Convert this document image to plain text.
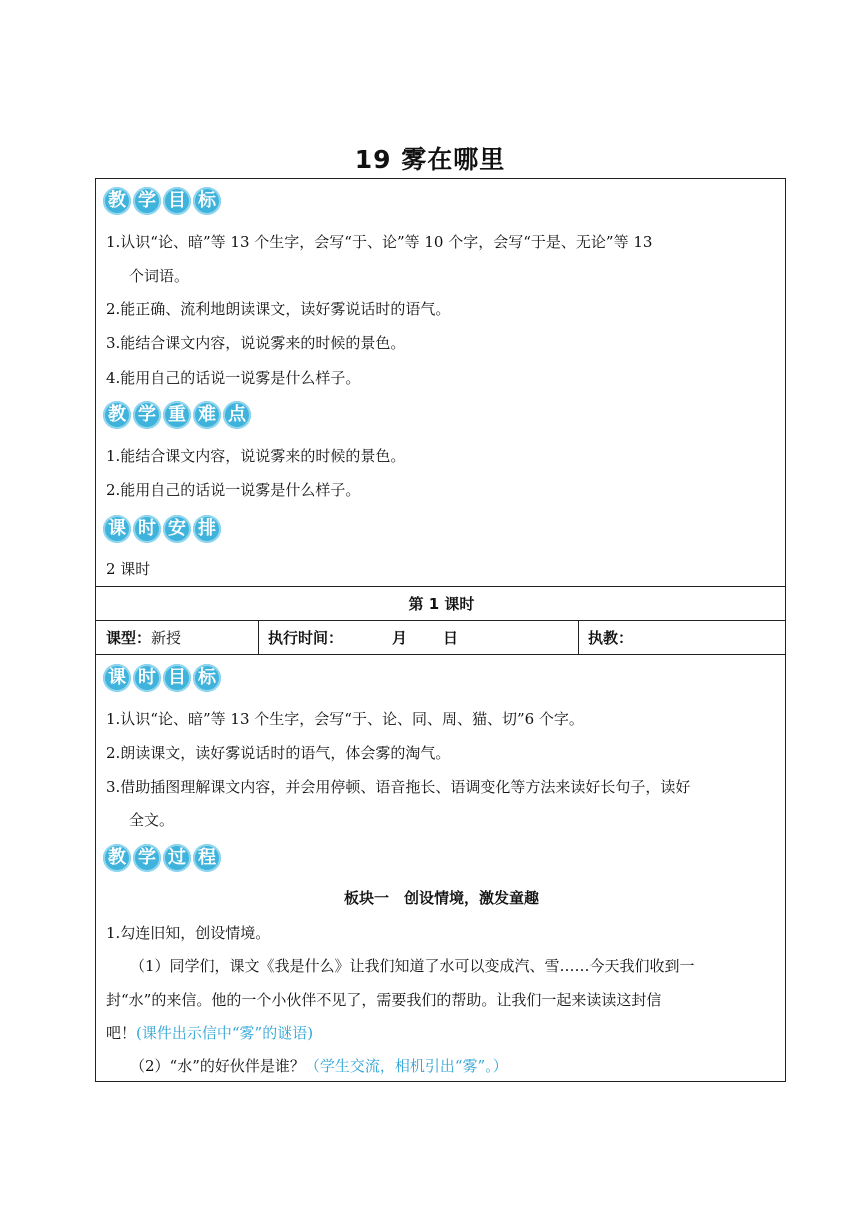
19 雾在哪里
教 学 目 标
1.认识“论、暗”等 13 个生字，会写“于、论”等 10 个字，会写“于是、无论”等 13
个词语。
2.能正确、流利地朗读课文，读好雾说话时的语气。
3.能结合课文内容，说说雾来的时候的景色。
4.能用自己的话说一说雾是什么样子。
教 学 重 难 点
1.能结合课文内容，说说雾来的时候的景色。
2.能用自己的话说一说雾是什么样子。
课 时 安 排
2 课时
第 1 课时
课型：新授	执行时间：	月 日	执教：
课 时 目 标
1.认识“论、暗”等 13 个生字，会写“于、论、同、周、猫、切”6 个字。
2.朗读课文，读好雾说话时的语气，体会雾的淘气。
3.借助插图理解课文内容，并会用停顿、语音拖长、语调变化等方法来读好长句子，读好
全文。
教 学 过 程
板块一　创设情境，激发童趣
1.勾连旧知，创设情境。
（1）同学们，课文《我是什么》让我们知道了水可以变成汽、雪……今天我们收到一
封“水”的来信。他的一个小伙伴不见了，需要我们的帮助。让我们一起来读读这封信
吧！(课件出示信中“雾”的谜语)
（2）“水”的好伙伴是谁？（学生交流，相机引出“雾”。）
